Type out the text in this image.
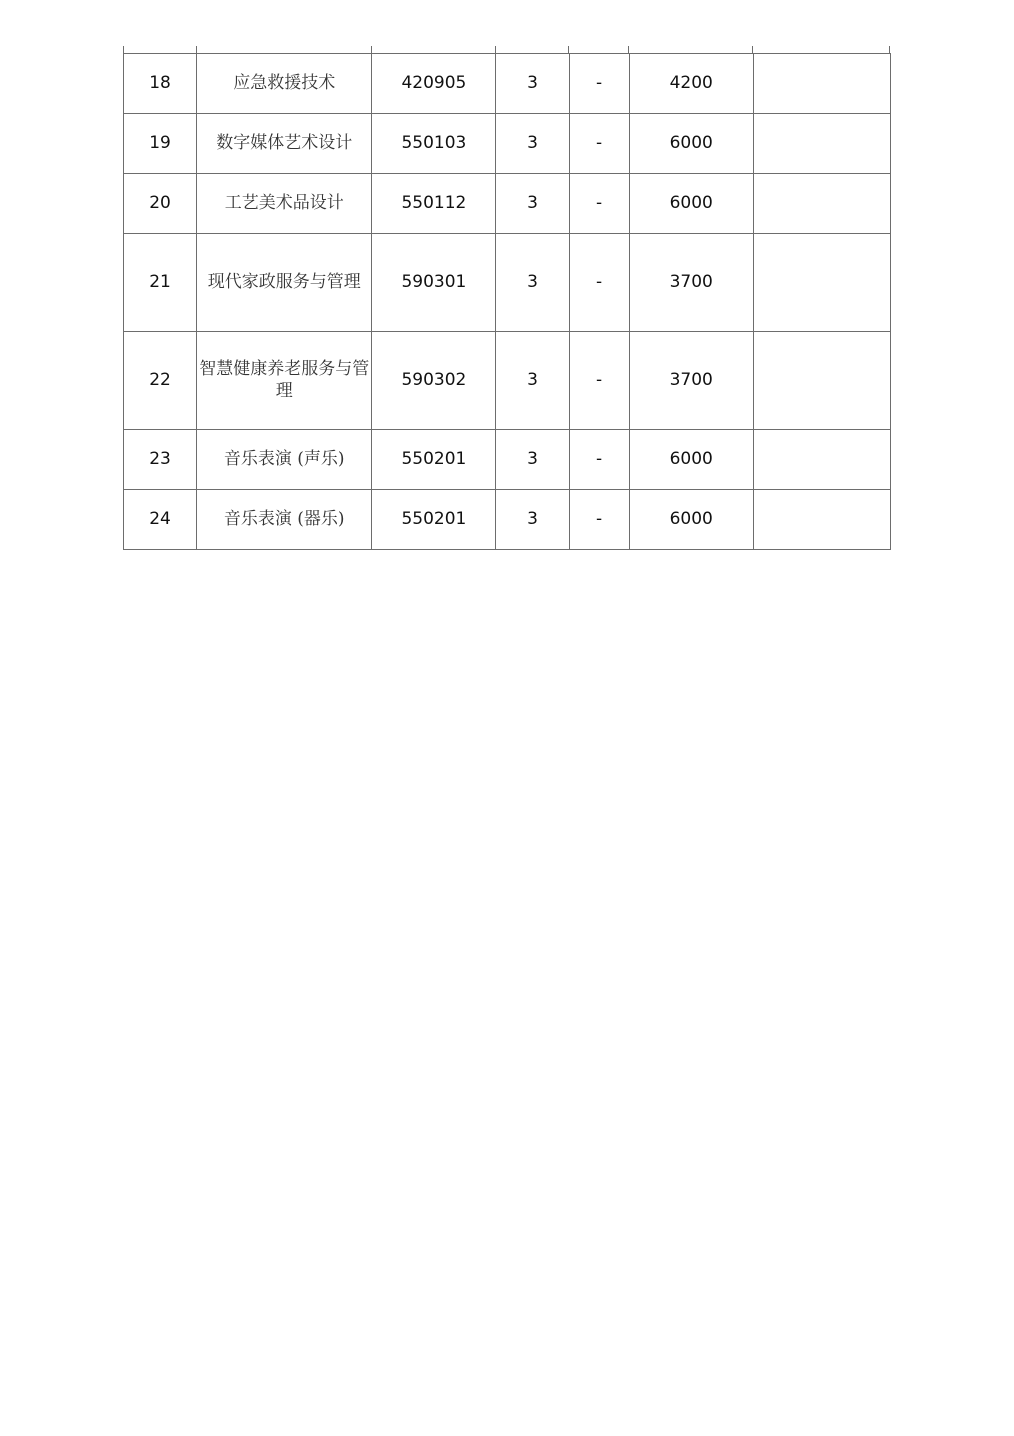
18	应急救援技术	420905	3	-	4200	
19	数字媒体艺术设计	550103	3	-	6000	
20	工艺美术品设计	550112	3	-	6000	
21	现代家政服务与管理	590301	3	-	3700	
22	智慧健康养老服务与管理	590302	3	-	3700	
23	音乐表演 (声乐)	550201	3	-	6000	
24	音乐表演 (器乐)	550201	3	-	6000	
